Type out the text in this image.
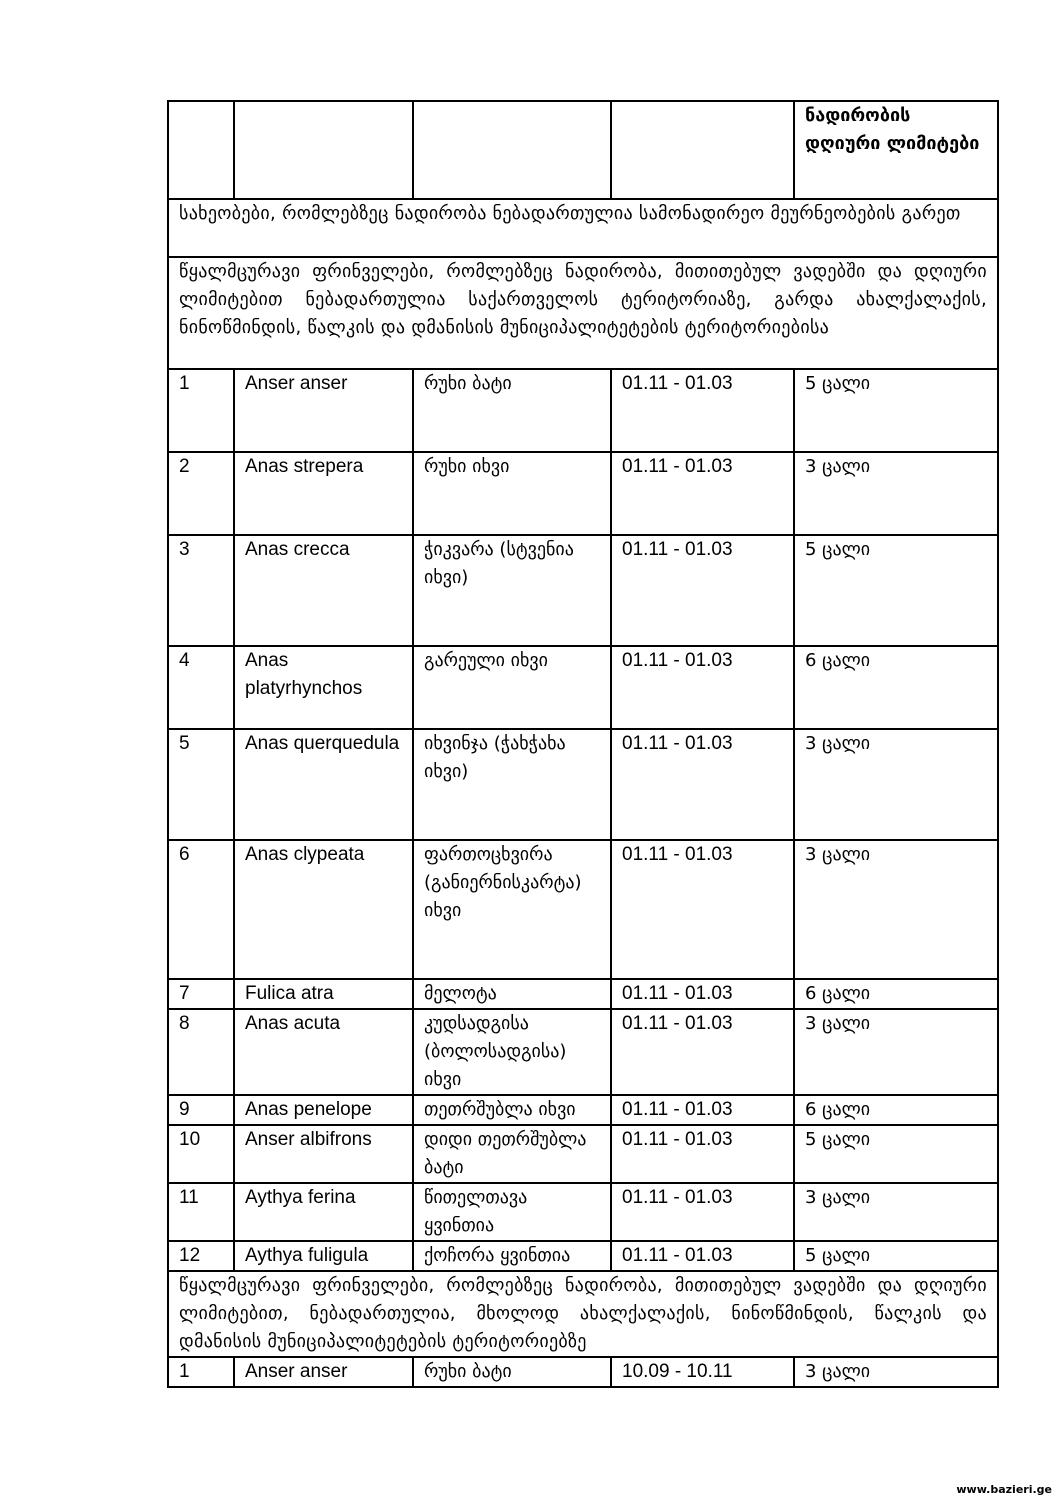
				ნადირობის დღიური ლიმიტები
სახეობები, რომლებზეც ნადირობა ნებადართულია სამონადირეო მეურნეობების გარეთ				
წყალმცურავი ფრინველები, რომლებზეც ნადირობა, მითითებულ ვადებში და დღიური ლიმიტებით ნებადართულია საქართველოს ტერიტორიაზე, გარდა ახალქალაქის, ნინოწმინდის, წალკის და დმანისის მუნიციპალიტეტების ტერიტორიებისა				
1	Anser anser	რუხი ბატი	01.11 - 01.03	5 ცალი
2	Anas strepera	რუხი იხვი	01.11 - 01.03	3 ცალი
3	Anas crecca	ჭიკვარა (სტვენია იხვი)	01.11 - 01.03	5 ცალი
4	Anas platyrhynchos	გარეული იხვი	01.11 - 01.03	6 ცალი
5	Anas querquedula	იხვინჯა (ჭახჭახა იხვი)	01.11 - 01.03	3 ცალი
6	Anas clypeata	ფართოცხვირა (განიერნისკარტა) იხვი	01.11 - 01.03	3 ცალი
7	Fulica atra	მელოტა	01.11 - 01.03	6 ცალი
8	Anas acuta	კუდსადგისა (ბოლოსადგისა) იხვი	01.11 - 01.03	3 ცალი
9	Anas penelope	თეთრშუბლა იხვი	01.11 - 01.03	6 ცალი
10	Anser albifrons	დიდი თეთრშუბლა ბატი	01.11 - 01.03	5 ცალი
11	Aythya ferina	წითელთავა ყვინთია	01.11 - 01.03	3 ცალი
12	Aythya fuligula	ქოჩორა ყვინთია	01.11 - 01.03	5 ცალი
წყალმცურავი ფრინველები, რომლებზეც ნადირობა, მითითებულ ვადებში და დღიური ლიმიტებით, ნებადართულია, მხოლოდ ახალქალაქის, ნინოწმინდის, წალკის და დმანისის მუნიციპალიტეტების ტერიტორიებზე				
1	Anser anser	რუხი ბატი	10.09 - 10.11	3 ცალი
www.bazieri.ge
